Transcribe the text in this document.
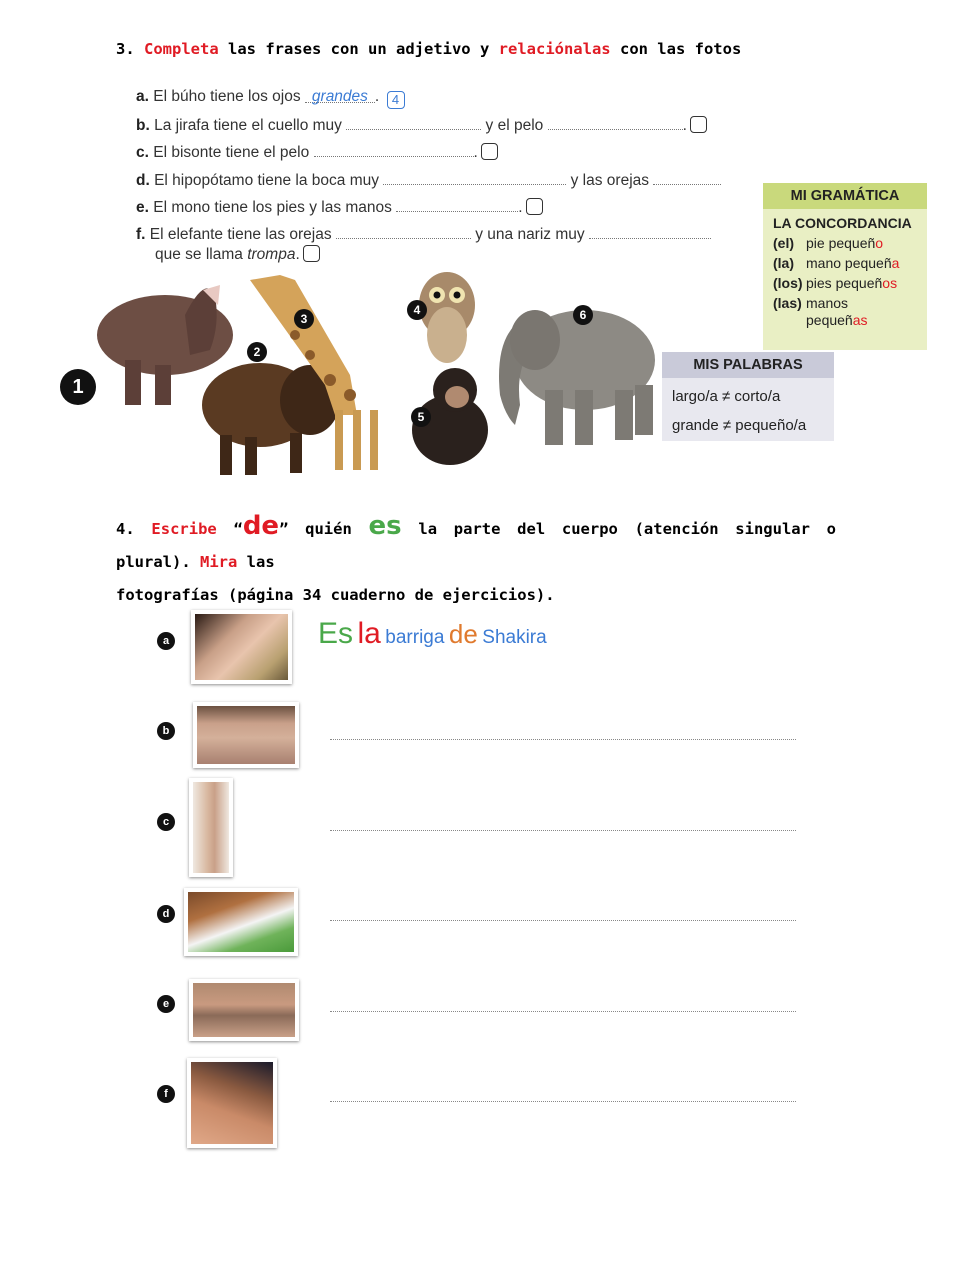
3. Completa las frases con un adjetivo y relaciónalas con las fotos
a. El búho tiene los ojos grandes . 4
b. La jirafa tiene el cuello muy	y el pelo	.
c. El bisonte tiene el pelo	.
d. El hipopótamo tiene la boca muy	y las orejas
e. El mono tiene los pies y las manos	.
f. El elefante tiene las orejas	y una nariz muy
que se llama trompa.
MI GRAMÁTICA
LA CONCORDANCIA
(el) pie pequeño
(la) mano pequeña
(los) pies pequeños
(las) manos
pequeñas
MIS PALABRAS
largo/a ≠ corto/a
grande ≠ pequeño/a
1
2
3
4
5
6
4. Escribe “de” quién es la parte del cuerpo (atención singular o plural). Mira las
fotografías (página 34 cuaderno de ejercicios).
a	Es la barriga de Shakira
b
c
d
e
f
